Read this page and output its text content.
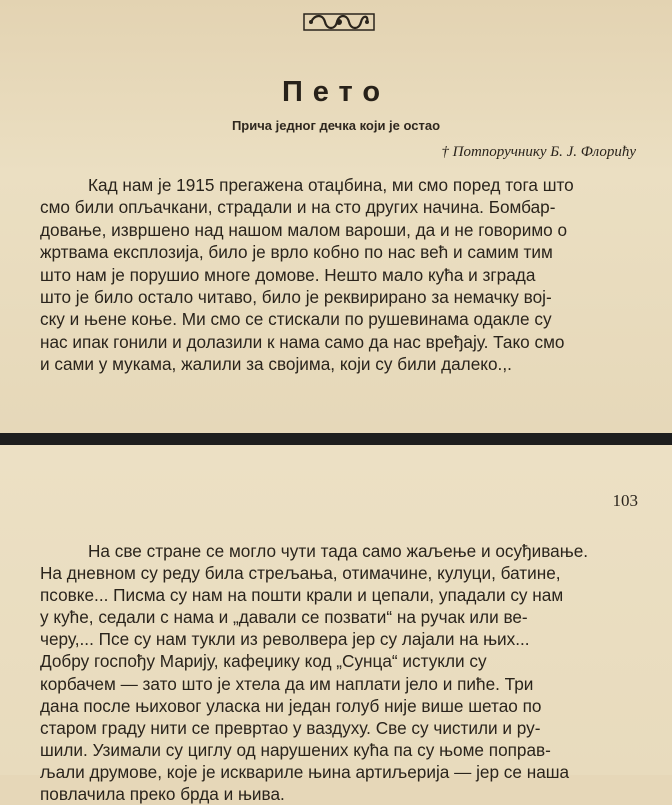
Пето
Прича једног дечка који је остао
† Потпоручнику Б. Ј. Флорићу
Кад нам је 1915 прегажена отаџбина, ми смо поред тога што
смо били опљачкани, страдали и на сто других начина. Бомбар-
довање, извршено над нашом малом вароши, да и не говоримо о
жртвама експлозија, било је врло кобно по нас већ и самим тим
што нам је порушио многе домове. Нешто мало кућа и зграда
што је било остало читаво, било је реквирирано за немачку вој-
ску и њене коње. Ми смо се стискали по рушевинама одакле су
нас ипак гонили и долазили к нама само да нас вређају. Тако смо
и сами у мукама, жалили за својима, који су били далеко.,.
103
На све стране се могло чути тада само жаљење и осуђивање.
На дневном су реду била стрељања, отимачине, кулуци, батине,
псовке... Писма су нам на пошти крали и цепали, упадали су нам
у куће, седали с нама и „давали се позвати“ на ручак или ве-
черу,... Псе су нам тукли из револвера јер су лајали на њих...
Добру госпођу Марију, кафеџику код „Сунца“ истукли су
корбачем — зато што је хтела да им наплати јело и пиће. Три
дана после њиховог уласка ни један голуб није више шетао по
старом граду нити се превртао у ваздуху. Све су чистили и ру-
шили. Узимали су циглу од нарушених кућа па су њоме поправ-
љали друмове, које је исквариле њина артиљерија — јер се наша
повлачила преко брда и њива.
